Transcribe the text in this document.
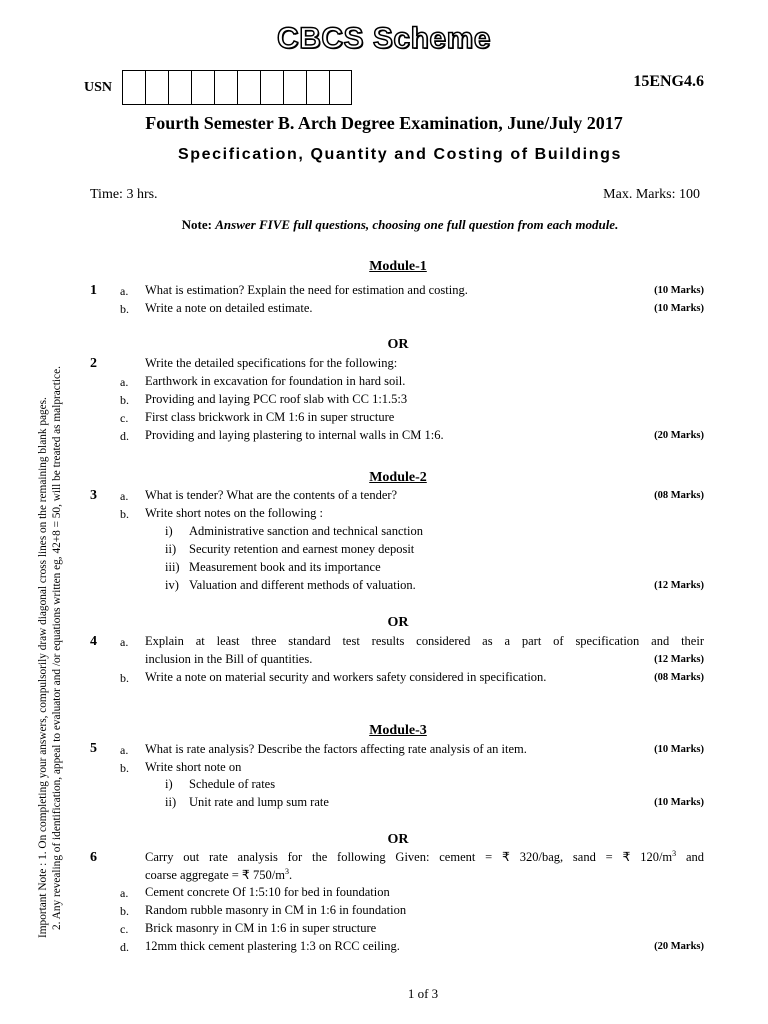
CBCS Scheme
USN	15ENG4.6
Fourth Semester B. Arch Degree Examination, June/July 2017
Specification, Quantity and Costing of Buildings
Time: 3 hrs.	Max. Marks: 100
Note: Answer FIVE full questions, choosing one full question from each module.
Important Note : 1. On completing your answers, compulsorily draw diagonal cross lines on the remaining blank pages. 2. Any revealing of identification, appeal to evaluator and /or equations written eg, 42+8 = 50, will be treated as malpractice.
Module-1
1 a. What is estimation? Explain the need for estimation and costing.	(10 Marks)
b. Write a note on detailed estimate.	(10 Marks)
OR
2	Write the detailed specifications for the following:
a. Earthwork in excavation for foundation in hard soil.
b. Providing and laying PCC roof slab with CC 1:1.5:3
c. First class brickwork in CM 1:6 in super structure
d. Providing and laying plastering to internal walls in CM 1:6.	(20 Marks)
Module-2
3 a. What is tender? What are the contents of a tender?	(08 Marks)
b. Write short notes on the following :
i) Administrative sanction and technical sanction
ii) Security retention and earnest money deposit
iii) Measurement book and its importance
iv) Valuation and different methods of valuation.	(12 Marks)
OR
4 a. Explain at least three standard test results considered as a part of specification and their
inclusion in the Bill of quantities.	(12 Marks)
b. Write a note on material security and workers safety considered in specification.	(08 Marks)
Module-3
5 a. What is rate analysis? Describe the factors affecting rate analysis of an item.	(10 Marks)
b. Write short note on
i) Schedule of rates
ii) Unit rate and lump sum rate	(10 Marks)
OR
6	Carry out rate analysis for the following Given: cement = ₹ 320/bag, sand = ₹ $120/m^3$ and
coarse aggregate = ₹ $750/m^3$.
a. Cement concrete Of 1:5:10 for bed in foundation
b. Random rubble masonry in CM in 1:6 in foundation
c. Brick masonry in CM in 1:6 in super structure
d. 12mm thick cement plastering 1:3 on RCC ceiling.	(20 Marks)
1 of 3
